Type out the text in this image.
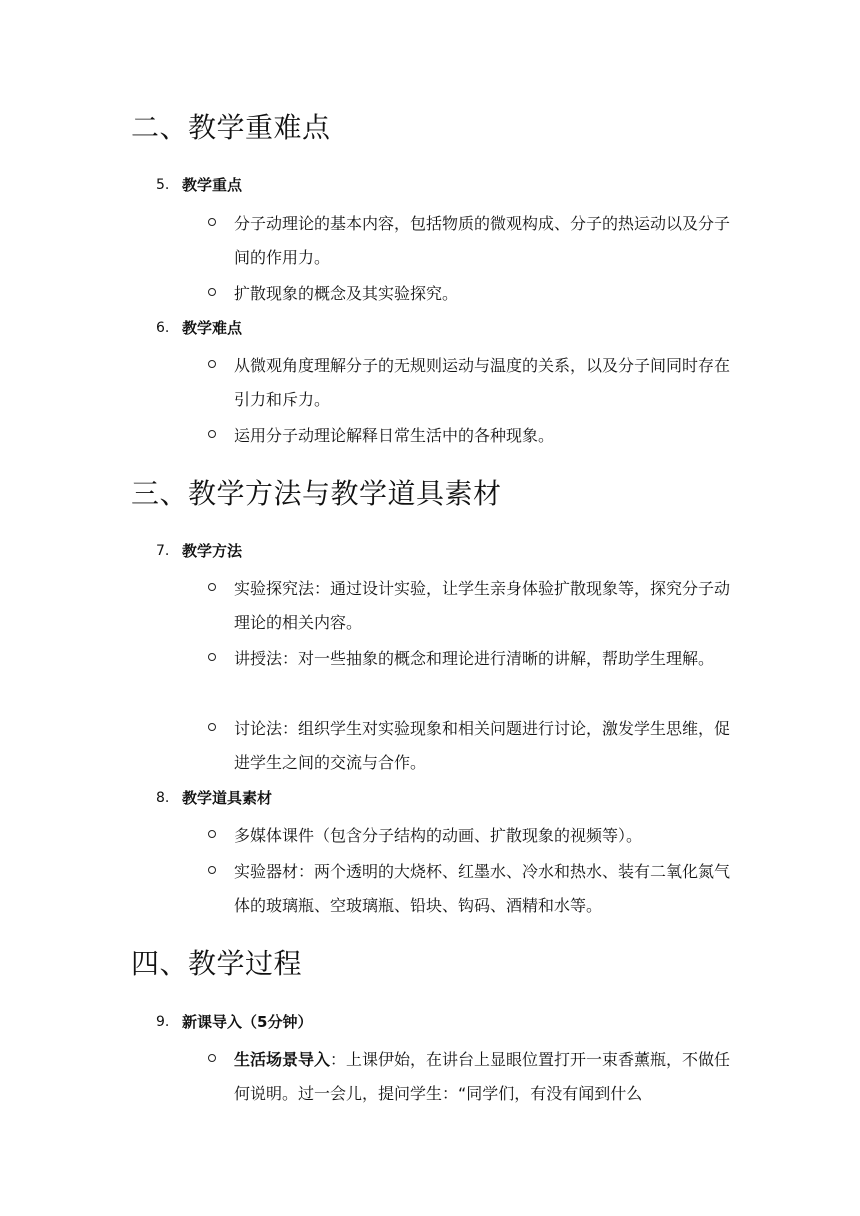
二、教学重难点
5. 教学重点
分子动理论的基本内容，包括物质的微观构成、分子的热运动以及分子间的作用力。
扩散现象的概念及其实验探究。
6. 教学难点
从微观角度理解分子的无规则运动与温度的关系，以及分子间同时存在引力和斥力。
运用分子动理论解释日常生活中的各种现象。
三、教学方法与教学道具素材
7. 教学方法
实验探究法：通过设计实验，让学生亲身体验扩散现象等，探究分子动理论的相关内容。
讲授法：对一些抽象的概念和理论进行清晰的讲解，帮助学生理解。
讨论法：组织学生对实验现象和相关问题进行讨论，激发学生思维，促进学生之间的交流与合作。
8. 教学道具素材
多媒体课件（包含分子结构的动画、扩散现象的视频等）。
实验器材：两个透明的大烧杯、红墨水、冷水和热水、装有二氧化氮气体的玻璃瓶、空玻璃瓶、铅块、钩码、酒精和水等。
四、教学过程
9. 新课导入（5分钟）
生活场景导入：上课伊始，在讲台上显眼位置打开一束香薰瓶，不做任何说明。过一会儿，提问学生：“同学们，有没有闻到什么
